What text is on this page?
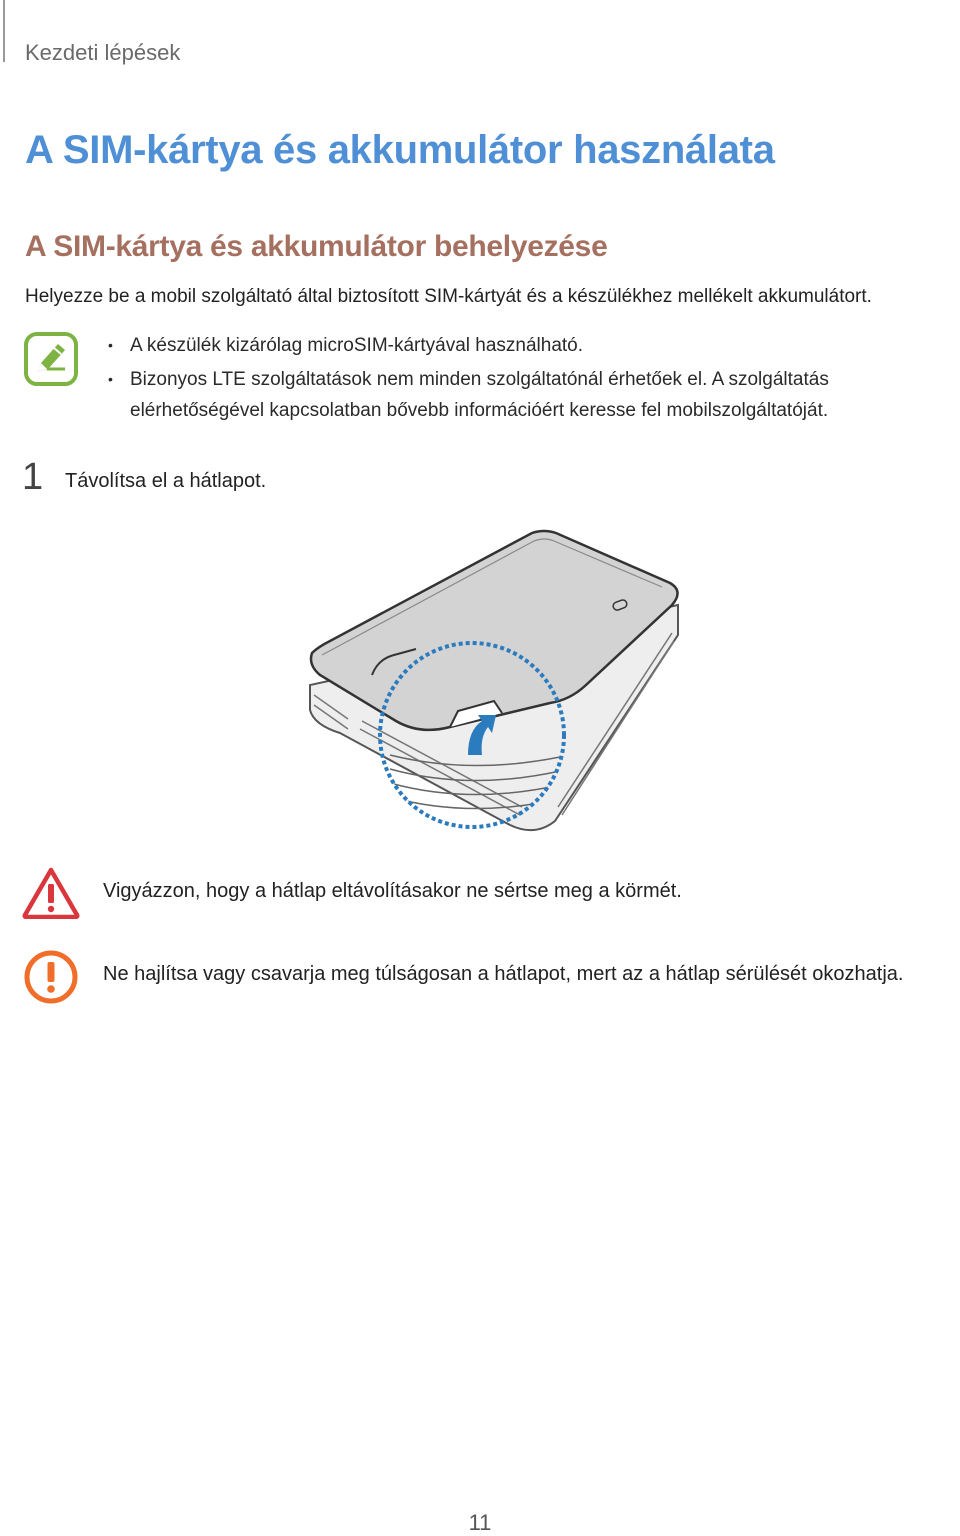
Kezdeti lépések
A SIM-kártya és akkumulátor használata
A SIM-kártya és akkumulátor behelyezése
Helyezze be a mobil szolgáltató által biztosított SIM-kártyát és a készülékhez mellékelt akkumulátort.
• A készülék kizárólag microSIM-kártyával használható.
• Bizonyos LTE szolgáltatások nem minden szolgáltatónál érhetőek el. A szolgáltatás elérhetőségével kapcsolatban bővebb információért keresse fel mobilszolgáltatóját.
1 Távolítsa el a hátlapot.
Vigyázzon, hogy a hátlap eltávolításakor ne sértse meg a körmét.
Ne hajlítsa vagy csavarja meg túlságosan a hátlapot, mert az a hátlap sérülését okozhatja.
11
